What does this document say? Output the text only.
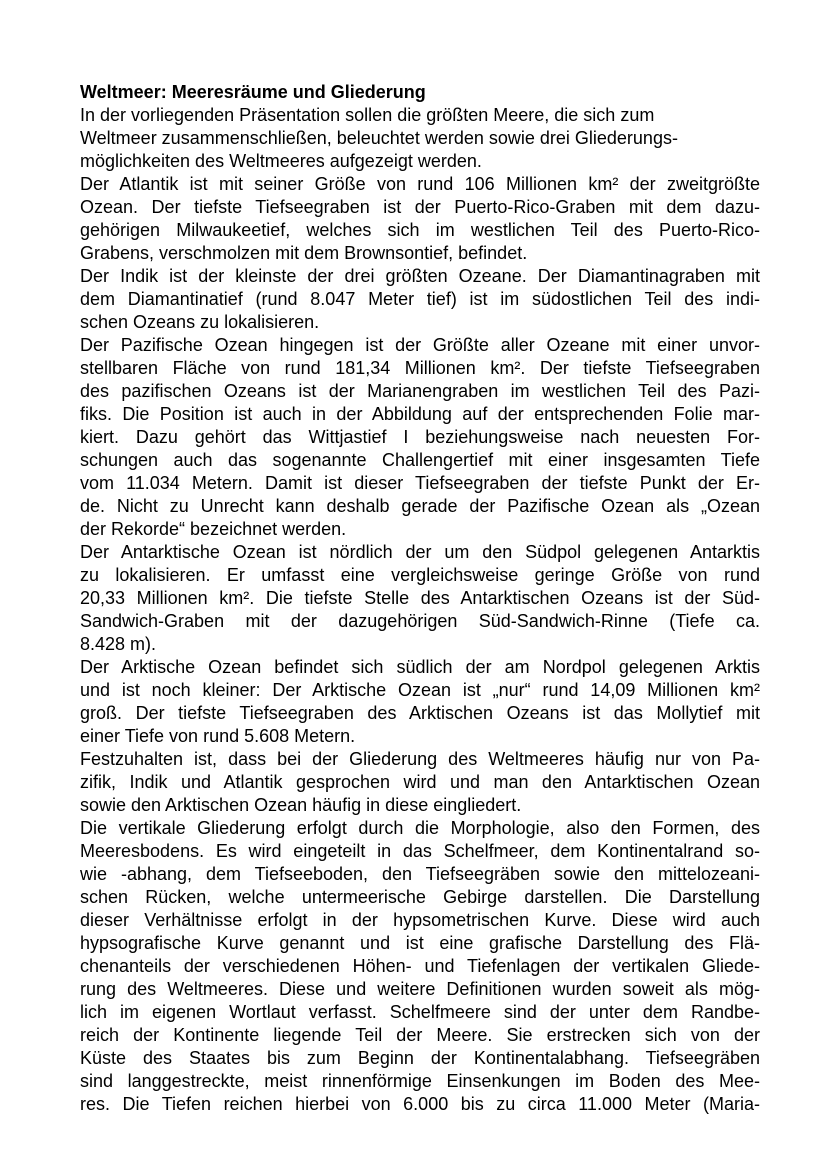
Weltmeer: Meeresräume und Gliederung
In der vorliegenden Präsentation sollen die größten Meere, die sich zum
Weltmeer zusammenschließen, beleuchtet werden sowie drei Gliederungs-
möglichkeiten des Weltmeeres aufgezeigt werden.
Der Atlantik ist mit seiner Größe von rund 106 Millionen km² der zweitgrößte
Ozean. Der tiefste Tiefseegraben ist der Puerto-Rico-Graben mit dem dazu-
gehörigen Milwaukeetief, welches sich im westlichen Teil des Puerto-Rico-
Grabens, verschmolzen mit dem Brownsontief, befindet.
Der Indik ist der kleinste der drei größten Ozeane. Der Diamantinagraben mit
dem Diamantinatief (rund 8.047 Meter tief) ist im südostlichen Teil des indi-
schen Ozeans zu lokalisieren.
Der Pazifische Ozean hingegen ist der Größte aller Ozeane mit einer unvor-
stellbaren Fläche von rund 181,34 Millionen km². Der tiefste Tiefseegraben
des pazifischen Ozeans ist der Marianengraben im westlichen Teil des Pazi-
fiks. Die Position ist auch in der Abbildung auf der entsprechenden Folie mar-
kiert. Dazu gehört das Wittjastief I beziehungsweise nach neuesten For-
schungen auch das sogenannte Challengertief mit einer insgesamten Tiefe
vom 11.034 Metern. Damit ist dieser Tiefseegraben der tiefste Punkt der Er-
de. Nicht zu Unrecht kann deshalb gerade der Pazifische Ozean als „Ozean
der Rekorde“ bezeichnet werden.
Der Antarktische Ozean ist nördlich der um den Südpol gelegenen Antarktis
zu lokalisieren. Er umfasst eine vergleichsweise geringe Größe von rund
20,33 Millionen km². Die tiefste Stelle des Antarktischen Ozeans ist der Süd-
Sandwich-Graben mit der dazugehörigen Süd-Sandwich-Rinne (Tiefe ca.
8.428 m).
Der Arktische Ozean befindet sich südlich der am Nordpol gelegenen Arktis
und ist noch kleiner: Der Arktische Ozean ist „nur“ rund 14,09 Millionen km²
groß. Der tiefste Tiefseegraben des Arktischen Ozeans ist das Mollytief mit
einer Tiefe von rund 5.608 Metern.
Festzuhalten ist, dass bei der Gliederung des Weltmeeres häufig nur von Pa-
zifik, Indik und Atlantik gesprochen wird und man den Antarktischen Ozean
sowie den Arktischen Ozean häufig in diese eingliedert.
Die vertikale Gliederung erfolgt durch die Morphologie, also den Formen, des
Meeresbodens. Es wird eingeteilt in das Schelfmeer, dem Kontinentalrand so-
wie -abhang, dem Tiefseeboden, den Tiefseegräben sowie den mittelozeani-
schen Rücken, welche untermeerische Gebirge darstellen. Die Darstellung
dieser Verhältnisse erfolgt in der hypsometrischen Kurve. Diese wird auch
hypsografische Kurve genannt und ist eine grafische Darstellung des Flä-
chenanteils der verschiedenen Höhen- und Tiefenlagen der vertikalen Gliede-
rung des Weltmeeres. Diese und weitere Definitionen wurden soweit als mög-
lich im eigenen Wortlaut verfasst. Schelfmeere sind der unter dem Randbe-
reich der Kontinente liegende Teil der Meere. Sie erstrecken sich von der
Küste des Staates bis zum Beginn der Kontinentalabhang. Tiefseegräben
sind langgestreckte, meist rinnenförmige Einsenkungen im Boden des Mee-
res. Die Tiefen reichen hierbei von 6.000 bis zu circa 11.000 Meter (Maria-
